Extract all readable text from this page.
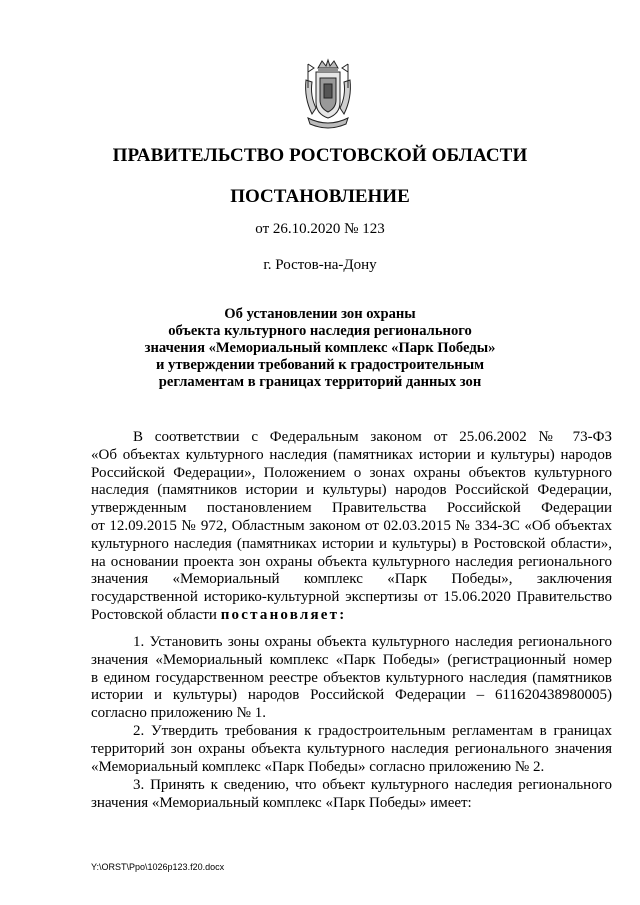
ПРАВИТЕЛЬСТВО РОСТОВСКОЙ ОБЛАСТИ
ПОСТАНОВЛЕНИЕ
от 26.10.2020 № 123
г. Ростов-на-Дону
Об установлении зон охраны
объекта культурного наследия регионального
значения «Мемориальный комплекс «Парк Победы»
и утверждении требований к градостроительным
регламентам в границах территорий данных зон
В соответствии с Федеральным законом от 25.06.2002 № 73-ФЗ
«Об объектах культурного наследия (памятниках истории и культуры) народов
Российской Федерации», Положением о зонах охраны объектов культурного
наследия (памятников истории и культуры) народов Российской Федерации,
утвержденным постановлением Правительства Российской Федерации
от 12.09.2015 № 972, Областным законом от 02.03.2015 № 334-ЗС «Об объектах
культурного наследия (памятниках истории и культуры) в Ростовской области»,
на основании проекта зон охраны объекта культурного наследия регионального
значения «Мемориальный комплекс «Парк Победы», заключения
государственной историко-культурной экспертизы от 15.06.2020 Правительство
Ростовской области постановляет:
1. Установить зоны охраны объекта культурного наследия регионального
значения «Мемориальный комплекс «Парк Победы» (регистрационный номер
в едином государственном реестре объектов культурного наследия (памятников
истории и культуры) народов Российской Федерации – 611620438980005)
согласно приложению № 1.
2. Утвердить требования к градостроительным регламентам в границах
территорий зон охраны объекта культурного наследия регионального значения
«Мемориальный комплекс «Парк Победы» согласно приложению № 2.
3. Принять к сведению, что объект культурного наследия регионального
значения «Мемориальный комплекс «Парк Победы» имеет:
Y:\ORST\Ppo\1026p123.f20.docx
